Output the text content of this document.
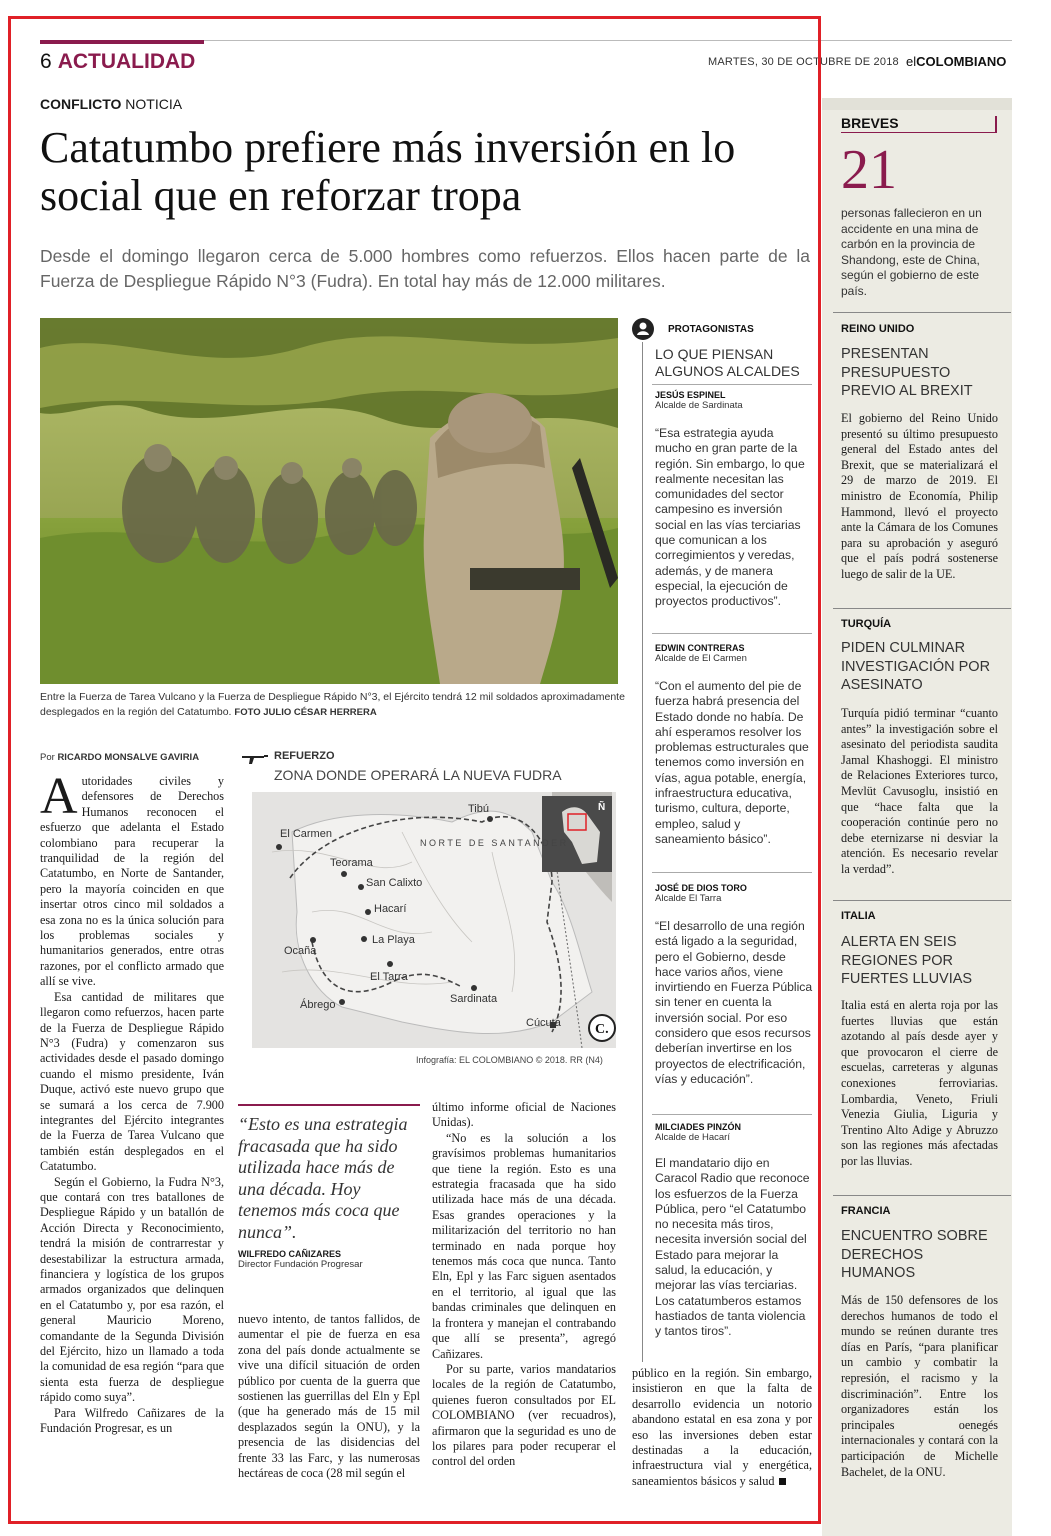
6 ACTUALIDAD	MARTES, 30 DE OCTUBRE DE 2018 elCOLOMBIANO
CONFLICTO NOTICIA
Catatumbo prefiere más inversión en lo social que en reforzar tropa
Desde el domingo llegaron cerca de 5.000 hombres como refuerzos. Ellos hacen parte de la Fuerza de Despliegue Rápido N°3 (Fudra). En total hay más de 12.000 militares.
Entre la Fuerza de Tarea Vulcano y la Fuerza de Despliegue Rápido N°3, el Ejército tendrá 12 mil soldados aproximadamente desplegados en la región del Catatumbo. FOTO JULIO CÉSAR HERRERA
Por RICARDO MONSALVE GAVIRIA

Autoridades civiles y defensores de Derechos Humanos reconocen el esfuerzo que adelanta el Estado colombiano para recuperar la tranquilidad de la región del Catatumbo, en Norte de Santander, pero la mayoría coinciden en que insertar otros cinco mil soldados a esa zona no es la única solución para los problemas sociales y humanitarios generados, entre otras razones, por el conflicto armado que allí se vive.

Esa cantidad de militares que llegaron como refuerzos, hacen parte de la Fuerza de Despliegue Rápido N°3 (Fudra) y comenzaron sus actividades desde el pasado domingo cuando el mismo presidente, Iván Duque, activó este nuevo grupo que se sumará a los cerca de 7.900 integrantes del Ejército integrantes de la Fuerza de Tarea Vulcano que también están desplegados en el Catatumbo.

Según el Gobierno, la Fudra N°3, que contará con tres batallones de Despliegue Rápido y un batallón de Acción Directa y Reconocimiento, tendrá la misión de contrarrestar y desestabilizar la estructura armada, financiera y logística de los grupos armados organizados que delinquen en el Catatumbo y, por esa razón, el general Mauricio Moreno, comandante de la Segunda División del Ejército, hizo un llamado a toda la comunidad de esa región “para que sienta esta fuerza de despliegue rápido como suya”.

Para Wilfredo Cañizares de la Fundación Progresar, es un

REFUERZO
ZONA DONDE OPERARÁ LA NUEVA FUDRA
Tibú
El Carmen
Teorama
San Calixto
Hacarí
La Playa
Ocaña
El Tarra
Ábrego	Sardinata
Cúcuta
NORTE DE SANTANDER
Ñ
C.
Infografía: EL COLOMBIANO © 2018. RR (N4)
“Esto es una estrategia fracasada que ha sido utilizada hace más de una década. Hoy tenemos más coca que nunca”.
WILFREDO CAÑIZARES
Director Fundación Progresar

nuevo intento, de tantos fallidos, de aumentar el pie de fuerza en esa zona del país donde actualmente se vive una difícil situación de orden público por cuenta de la guerra que sostienen las guerrillas del Eln y Epl (que ha generado más de 15 mil desplazados según la ONU), y la presencia de las disidencias del frente 33 las Farc, y las numerosas hectáreas de coca (28 mil según el

último informe oficial de Naciones Unidas).

“No es la solución a los gravísimos problemas humanitarios que tiene la región. Esto es una estrategia fracasada que ha sido utilizada hace más de una década. Esas grandes operaciones y la militarización del territorio no han terminado en nada porque hoy tenemos más coca que nunca. Tanto Eln, Epl y las Farc siguen asentados en el territorio, al igual que las bandas criminales que delinquen en la frontera y manejan el contrabando que allí se presenta”, agregó Cañizares.

Por su parte, varios mandatarios locales de la región de Catatumbo, quienes fueron consultados por EL COLOMBIANO (ver recuadros), afirmaron que la seguridad es uno de los pilares para poder recuperar el control del orden

público en la región. Sin embargo, insistieron en que la falta de desarrollo evidencia un notorio abandono estatal en esa zona y por eso las inversiones deben estar destinadas a la educación, infraestructura vial y energética, saneamientos básicos y salud

PROTAGONISTAS
LO QUE PIENSAN ALGUNOS ALCALDES
JESÚS ESPINEL
Alcalde de Sardinata
“Esa estrategia ayuda mucho en gran parte de la región. Sin embargo, lo que realmente necesitan las comunidades del sector campesino es inversión social en las vías terciarias que comunican a los corregimientos y veredas, además, y de manera especial, la ejecución de proyectos productivos”.
EDWIN CONTRERAS
Alcalde de El Carmen
“Con el aumento del pie de fuerza habrá presencia del Estado donde no había. De ahí esperamos resolver los problemas estructurales que tenemos como inversión en vías, agua potable, energía, infraestructura educativa, turismo, cultura, deporte, empleo, salud y saneamiento básico”.
JOSÉ DE DIOS TORO
Alcalde El Tarra
“El desarrollo de una región está ligado a la seguridad, pero el Gobierno, desde hace varios años, viene invirtiendo en Fuerza Pública sin tener en cuenta la inversión social. Por eso considero que esos recursos deberían invertirse en los proyectos de electrificación, vías y educación”.
MILCIADES PINZÓN
Alcalde de Hacarí
El mandatario dijo en Caracol Radio que reconoce los esfuerzos de la Fuerza Pública, pero “el Catatumbo no necesita más tiros, necesita inversión social del Estado para mejorar la salud, la educación, y mejorar las vías terciarias. Los catatumberos estamos hastiados de tanta violencia y tantos tiros”.
BREVES
21
personas fallecieron en un accidente en una mina de carbón en la provincia de Shandong, este de China, según el gobierno de este país.
REINO UNIDO
PRESENTAN PRESUPUESTO PREVIO AL BREXIT
El gobierno del Reino Unido presentó su último presupuesto general del Estado antes del Brexit, que se materializará el 29 de marzo de 2019. El ministro de Economía, Philip Hammond, llevó el proyecto ante la Cámara de los Comunes para su aprobación y aseguró que el país podrá sostenerse luego de salir de la UE.
TURQUÍA
PIDEN CULMINAR INVESTIGACIÓN POR ASESINATO
Turquía pidió terminar “cuanto antes” la investigación sobre el asesinato del periodista saudita Jamal Khashoggi. El ministro de Relaciones Exteriores turco, Mevlüt Cavusoglu, insistió en que “hace falta que la cooperación continúe pero no debe eternizarse ni desviar la atención. Es necesario revelar la verdad”.
ITALIA
ALERTA EN SEIS REGIONES POR FUERTES LLUVIAS
Italia está en alerta roja por las fuertes lluvias que están azotando al país desde ayer y que provocaron el cierre de escuelas, carreteras y algunas conexiones ferroviarias. Lombardia, Veneto, Friuli Venezia Giulia, Liguria y Trentino Alto Adige y Abruzzo son las regiones más afectadas por las lluvias.
FRANCIA
ENCUENTRO SOBRE DERECHOS HUMANOS
Más de 150 defensores de los derechos humanos de todo el mundo se reúnen durante tres días en París, “para planificar un cambio y combatir la represión, el racismo y la discriminación”. Entre los organizadores están los principales oenegés internacionales y contará con la participación de Michelle Bachelet, de la ONU.
